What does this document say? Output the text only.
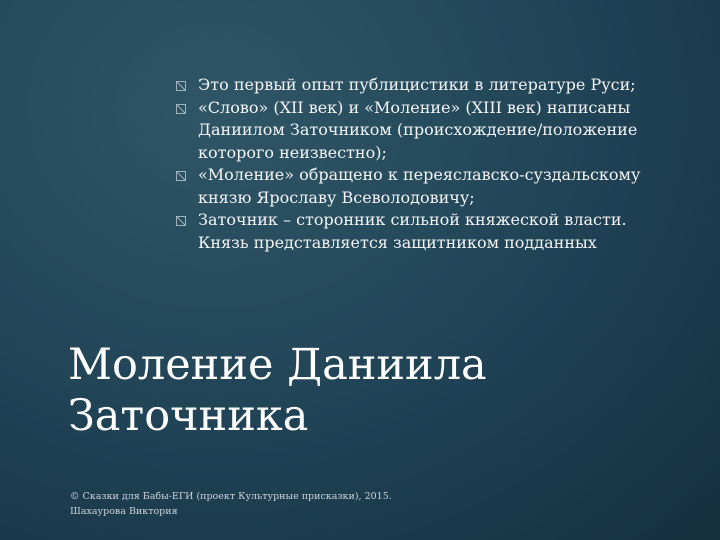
Это первый опыт публицистики в литературе Руси;
«Слово» (XII век) и «Моление» (XIII век) написаны Даниилом Заточником (происхождение/положение которого неизвестно);
«Моление» обращено к переяславско-суздальскому князю Ярославу Всеволодовичу;
Заточник – сторонник сильной княжеской власти. Князь представляется защитником подданных
Моление Даниила Заточника
© Сказки для Бабы-ЕГИ (проект Культурные присказки), 2015.
Шахаурова Виктория
